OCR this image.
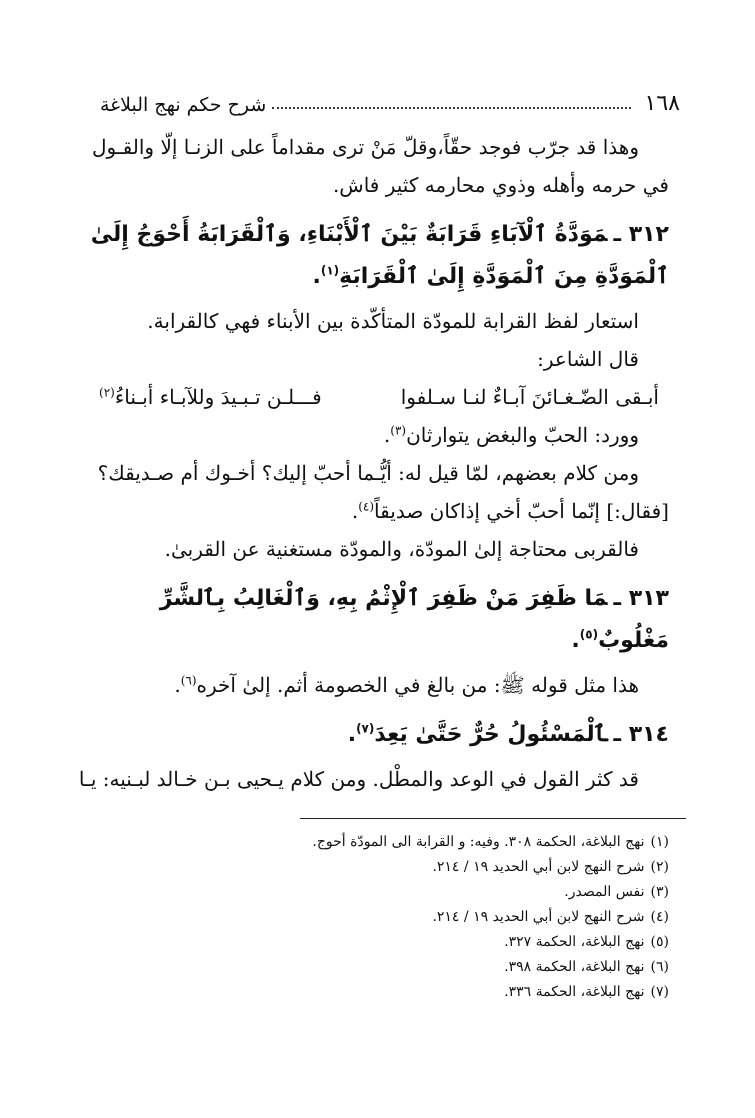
١٦٨
شرح حكم نهج البلاغة

وهذا قد جرّب فوجد حقّاً،وقلّ مَنْ ترى مقداماً على الزنـا إلّا والقـول

في حرمه وأهله وذوي محارمه كثير فاش.

٣١٢ ـمَوَدَّةُ ٱلْآبَاءِ قَرَابَةٌ بَيْنَ ٱلْأَبْنَاءِ، وَٱلْقَرَابَةُ أَحْوَجُ إِلَىٰ ٱلْمَوَدَّةِ مِنَ ٱلْمَوَدَّةِ إِلَىٰ ٱلْقَرَابَةِ$^{(١)}$.

استعار لفظ القرابة للمودّة المتأكّدة بين الأبناء فهي كالقرابة.

قال الشاعر:

أبـقى الضّـغـائنَ آبـاءٌ لنـا سـلفوا
فـــلـن تـبـيدَ وللآبـاء أبـناءُ$^{(٢)}$

وورد: الحبّ والبغض يتوارثان$^{(٣)}$.

ومن كلام بعضهم، لمّا قيل له: أيُّـما أحبّ إليك؟ أخـوك أم صـديقك؟

[فقال:] إنّما أحبّ أخي إذاكان صديقاً$^{(٤)}$.

فالقربى محتاجة إلىٰ المودّة، والمودّة مستغنية عن القربىٰ.

٣١٣ ـمَا ظَفِرَ مَنْ ظَفِرَ ٱلْإِثْمُ بِهِ، وَٱلْغَالِبُ بِٱلشَّرِّ مَغْلُوبٌ$^{(٥)}$.

هذا مثل قوله ﷺ: من بالغ في الخصومة أثم. إلىٰ آخره$^{(٦)}$.

٣١٤ ـٱلْمَسْئُولُ حُرٌّ حَتَّىٰ يَعِدَ$^{(٧)}$.

قد كثر القول في الوعد والمطْل. ومن كلام يـحيى بـن خـالد لبـنيه: يـا

(١)نهج البلاغة، الحكمة ٣٠٨. وفيه: و القرابة الى المودّة أحوج.

(٢)شرح النهج لابن أبي الحديد ١٩ / ٢١٤.

(٣)نفس المصدر.

(٤)شرح النهج لابن أبي الحديد ١٩ / ٢١٤.

(٥)نهج البلاغة، الحكمة ٣٢٧.

(٦)نهج البلاغة، الحكمة ٣٩٨.

(٧)نهج البلاغة، الحكمة ٣٣٦.
